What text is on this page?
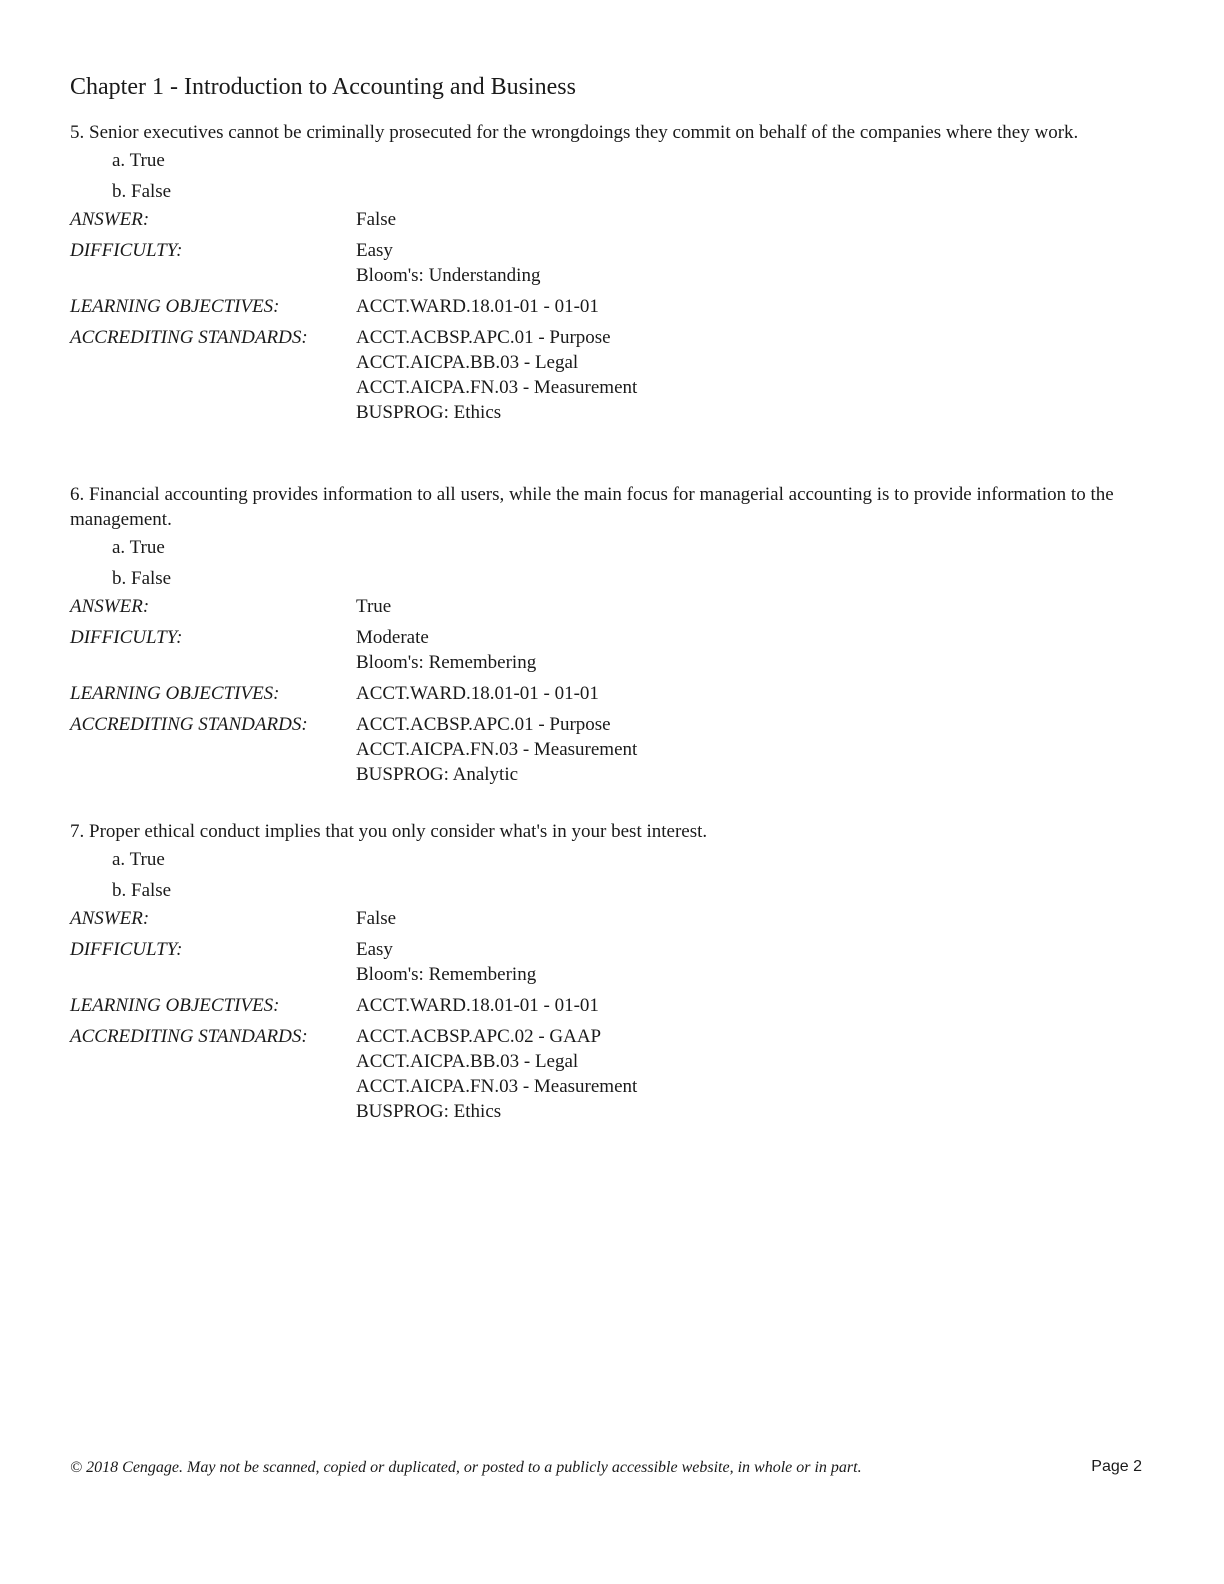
Chapter 1 - Introduction to Accounting and Business

5. Senior executives cannot be criminally prosecuted for the wrongdoings they commit on behalf of the companies where they work.

a. True
b. False
ANSWER:	False
DIFFICULTY:	Easy
Bloom's: Understanding
LEARNING OBJECTIVES:	ACCT.WARD.18.01-01 - 01-01
ACCREDITING STANDARDS:	ACCT.ACBSP.APC.01 - Purpose
ACCT.AICPA.BB.03 - Legal
ACCT.AICPA.FN.03 - Measurement
BUSPROG: Ethics

6. Financial accounting provides information to all users, while the main focus for managerial accounting is to provide information to the management.

a. True
b. False
ANSWER:	True
DIFFICULTY:	Moderate
Bloom's: Remembering
LEARNING OBJECTIVES:	ACCT.WARD.18.01-01 - 01-01
ACCREDITING STANDARDS:	ACCT.ACBSP.APC.01 - Purpose
ACCT.AICPA.FN.03 - Measurement
BUSPROG: Analytic

7. Proper ethical conduct implies that you only consider what's in your best interest.

a. True
b. False
ANSWER:	False
DIFFICULTY:	Easy
Bloom's: Remembering
LEARNING OBJECTIVES:	ACCT.WARD.18.01-01 - 01-01
ACCREDITING STANDARDS:	ACCT.ACBSP.APC.02 - GAAP
ACCT.AICPA.BB.03 - Legal
ACCT.AICPA.FN.03 - Measurement
BUSPROG: Ethics
© 2018 Cengage. May not be scanned, copied or duplicated, or posted to a publicly accessible website, in whole or in part.	Page 2
